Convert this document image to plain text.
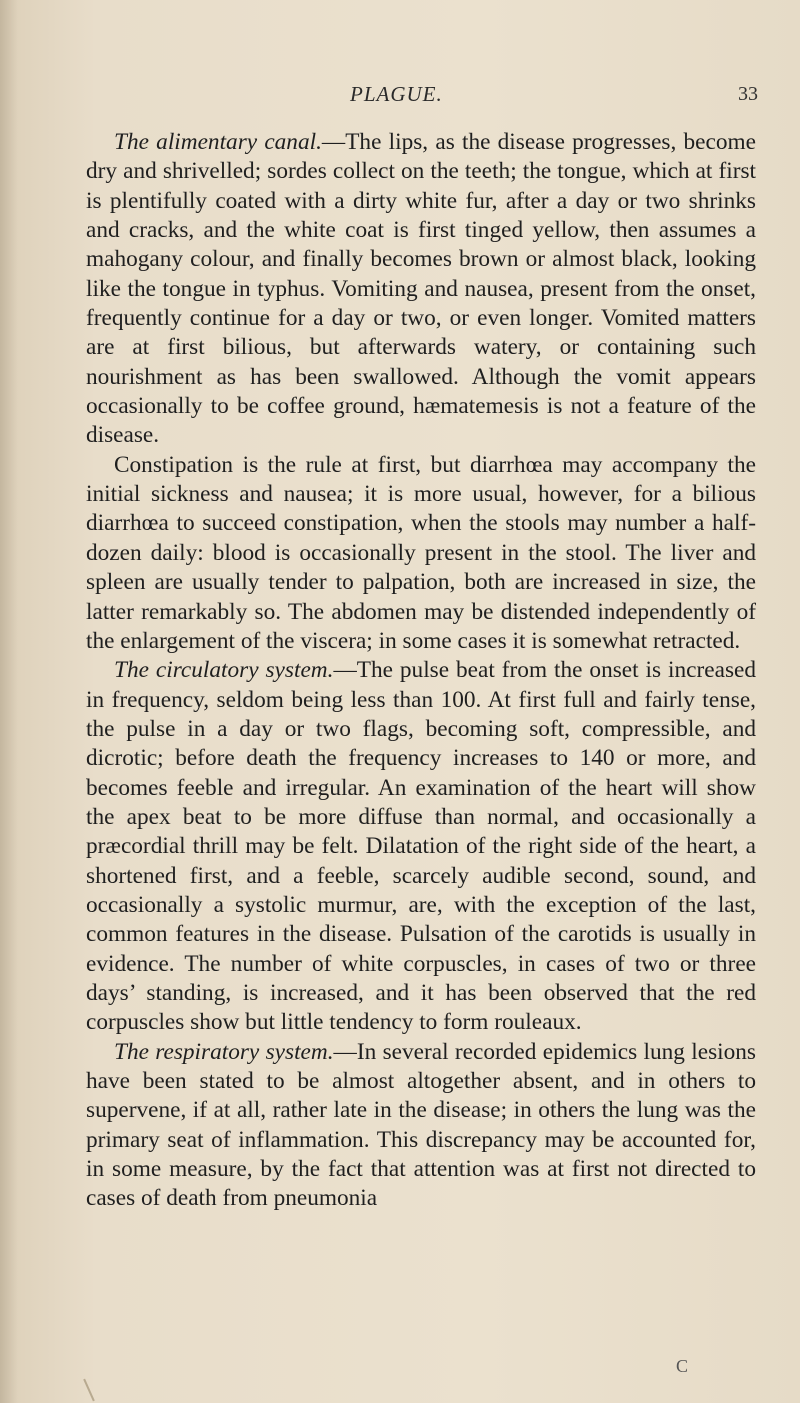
PLAGUE.	33

The alimentary canal.—The lips, as the disease progresses, become dry and shrivelled; sordes collect on the teeth; the tongue, which at first is plentifully coated with a dirty white fur, after a day or two shrinks and cracks, and the white coat is first tinged yellow, then assumes a mahogany colour, and finally becomes brown or almost black, looking like the tongue in typhus. Vomiting and nausea, present from the onset, frequently continue for a day or two, or even longer. Vomited matters are at first bilious, but afterwards watery, or containing such nourishment as has been swallowed. Although the vomit appears occasionally to be coffee ground, hæmatemesis is not a feature of the disease.

Constipation is the rule at first, but diarrhœa may accompany the initial sickness and nausea; it is more usual, however, for a bilious diarrhœa to succeed constipation, when the stools may number a half-dozen daily: blood is occasionally present in the stool. The liver and spleen are usually tender to palpation, both are increased in size, the latter remarkably so. The abdomen may be distended independently of the enlargement of the viscera; in some cases it is somewhat retracted.

The circulatory system.—The pulse beat from the onset is increased in frequency, seldom being less than 100. At first full and fairly tense, the pulse in a day or two flags, becoming soft, compressible, and dicrotic; before death the frequency increases to 140 or more, and becomes feeble and irregular. An examination of the heart will show the apex beat to be more diffuse than normal, and occasionally a præcordial thrill may be felt. Dilatation of the right side of the heart, a shortened first, and a feeble, scarcely audible second, sound, and occasionally a systolic murmur, are, with the exception of the last, common features in the disease. Pulsation of the carotids is usually in evidence. The number of white corpuscles, in cases of two or three days’ standing, is increased, and it has been observed that the red corpuscles show but little tendency to form rouleaux.

The respiratory system.—In several recorded epidemics lung lesions have been stated to be almost altogether absent, and in others to supervene, if at all, rather late in the disease; in others the lung was the primary seat of inflammation. This discrepancy may be accounted for, in some measure, by the fact that attention was at first not directed to cases of death from pneumonia

C
